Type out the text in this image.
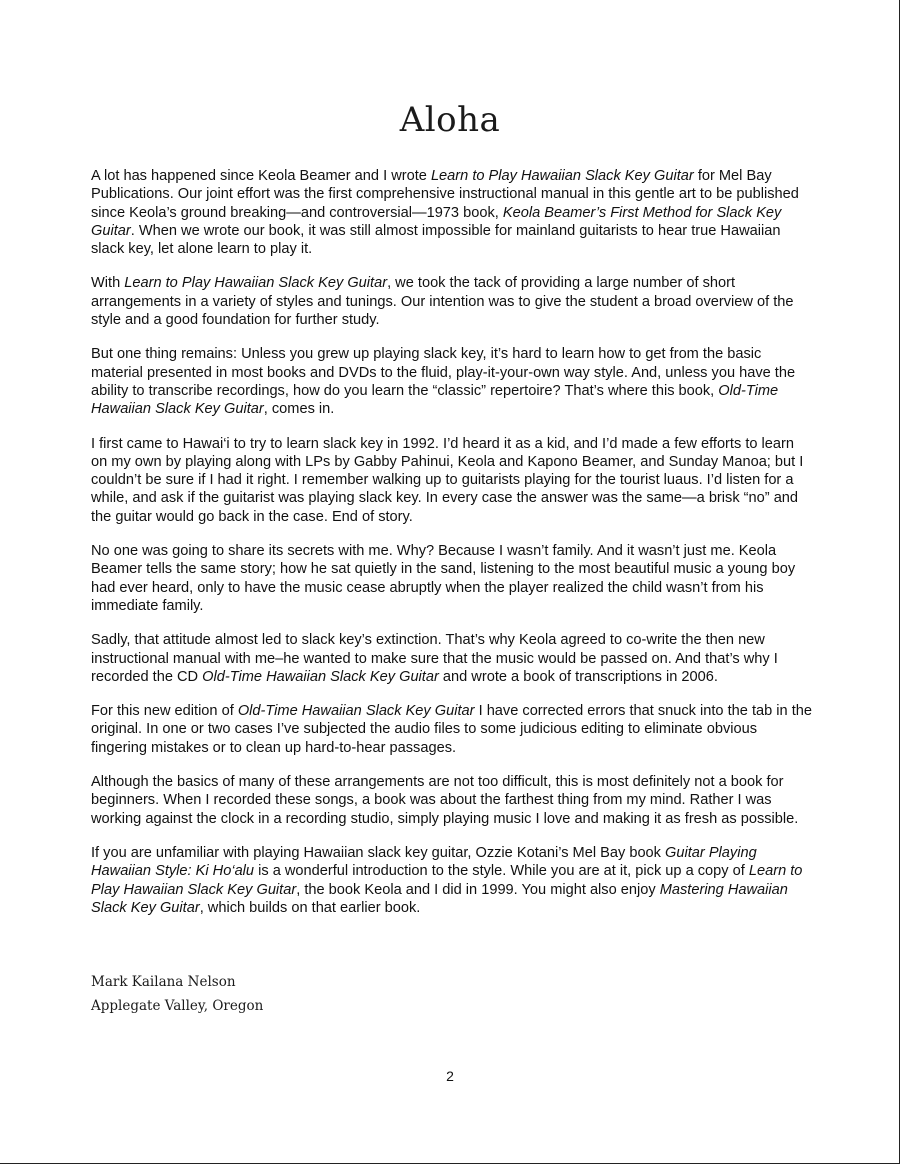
Aloha

A lot has happened since Keola Beamer and I wrote Learn to Play Hawaiian Slack Key Guitar for Mel Bay Publications. Our joint effort was the first comprehensive instructional manual in this gentle art to be published since Keola’s ground breaking—and controversial—1973 book, Keola Beamer’s First Method for Slack Key Guitar. When we wrote our book, it was still almost impossible for mainland guitarists to hear true Hawaiian slack key, let alone learn to play it.

With Learn to Play Hawaiian Slack Key Guitar, we took the tack of providing a large number of short arrangements in a variety of styles and tunings. Our intention was to give the student a broad overview of the style and a good foundation for further study.

But one thing remains: Unless you grew up playing slack key, it’s hard to learn how to get from the basic material presented in most books and DVDs to the fluid, play-it-your-own way style. And, unless you have the ability to transcribe recordings, how do you learn the “classic” repertoire? That’s where this book, Old-Time Hawaiian Slack Key Guitar, comes in.

I first came to Hawai‘i to try to learn slack key in 1992. I’d heard it as a kid, and I’d made a few efforts to learn on my own by playing along with LPs by Gabby Pahinui, Keola and Kapono Beamer, and Sunday Manoa; but I couldn’t be sure if I had it right. I remember walking up to guitarists playing for the tourist luaus. I’d listen for a while, and ask if the guitarist was playing slack key. In every case the answer was the same—a brisk “no” and the guitar would go back in the case. End of story.

No one was going to share its secrets with me. Why? Because I wasn’t family. And it wasn’t just me. Keola Beamer tells the same story; how he sat quietly in the sand, listening to the most beautiful music a young boy had ever heard, only to have the music cease abruptly when the player realized the child wasn’t from his immediate family.

Sadly, that attitude almost led to slack key’s extinction. That’s why Keola agreed to co-write the then new instructional manual with me–he wanted to make sure that the music would be passed on. And that’s why I recorded the CD Old-Time Hawaiian Slack Key Guitar and wrote a book of transcriptions in 2006.

For this new edition of Old-Time Hawaiian Slack Key Guitar I have corrected errors that snuck into the tab in the original. In one or two cases I’ve subjected the audio files to some judicious editing to eliminate obvious fingering mistakes or to clean up hard-to-hear passages.

Although the basics of many of these arrangements are not too difficult, this is most definitely not a book for beginners. When I recorded these songs, a book was about the farthest thing from my mind. Rather I was working against the clock in a recording studio, simply playing music I love and making it as fresh as possible.

If you are unfamiliar with playing Hawaiian slack key guitar, Ozzie Kotani’s Mel Bay book Guitar Playing Hawaiian Style: Ki Ho‘alu is a wonderful introduction to the style. While you are at it, pick up a copy of Learn to Play Hawaiian Slack Key Guitar, the book Keola and I did in 1999. You might also enjoy Mastering Hawaiian Slack Key Guitar, which builds on that earlier book.

Mark Kailana Nelson
Applegate Valley, Oregon
2
